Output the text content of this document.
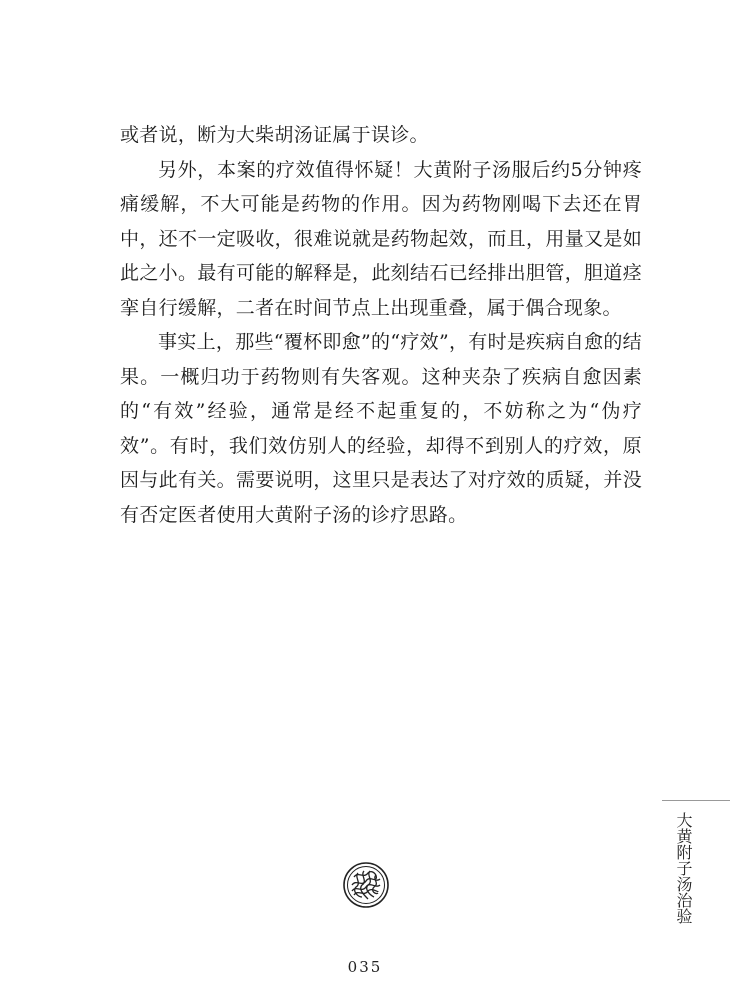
或者说，断为大柴胡汤证属于误诊。

另外，本案的疗效值得怀疑！大黄附子汤服后约5分钟疼痛缓解，不大可能是药物的作用。因为药物刚喝下去还在胃中，还不一定吸收，很难说就是药物起效，而且，用量又是如此之小。最有可能的解释是，此刻结石已经排出胆管，胆道痉挛自行缓解，二者在时间节点上出现重叠，属于偶合现象。

事实上，那些“覆杯即愈”的“疗效”，有时是疾病自愈的结果。一概归功于药物则有失客观。这种夹杂了疾病自愈因素的“有效”经验，通常是经不起重复的，不妨称之为“伪疗效”。有时，我们效仿别人的经验，却得不到别人的疗效，原因与此有关。需要说明，这里只是表达了对疗效的质疑，并没有否定医者使用大黄附子汤的诊疗思路。

大黄附子汤治验
035
